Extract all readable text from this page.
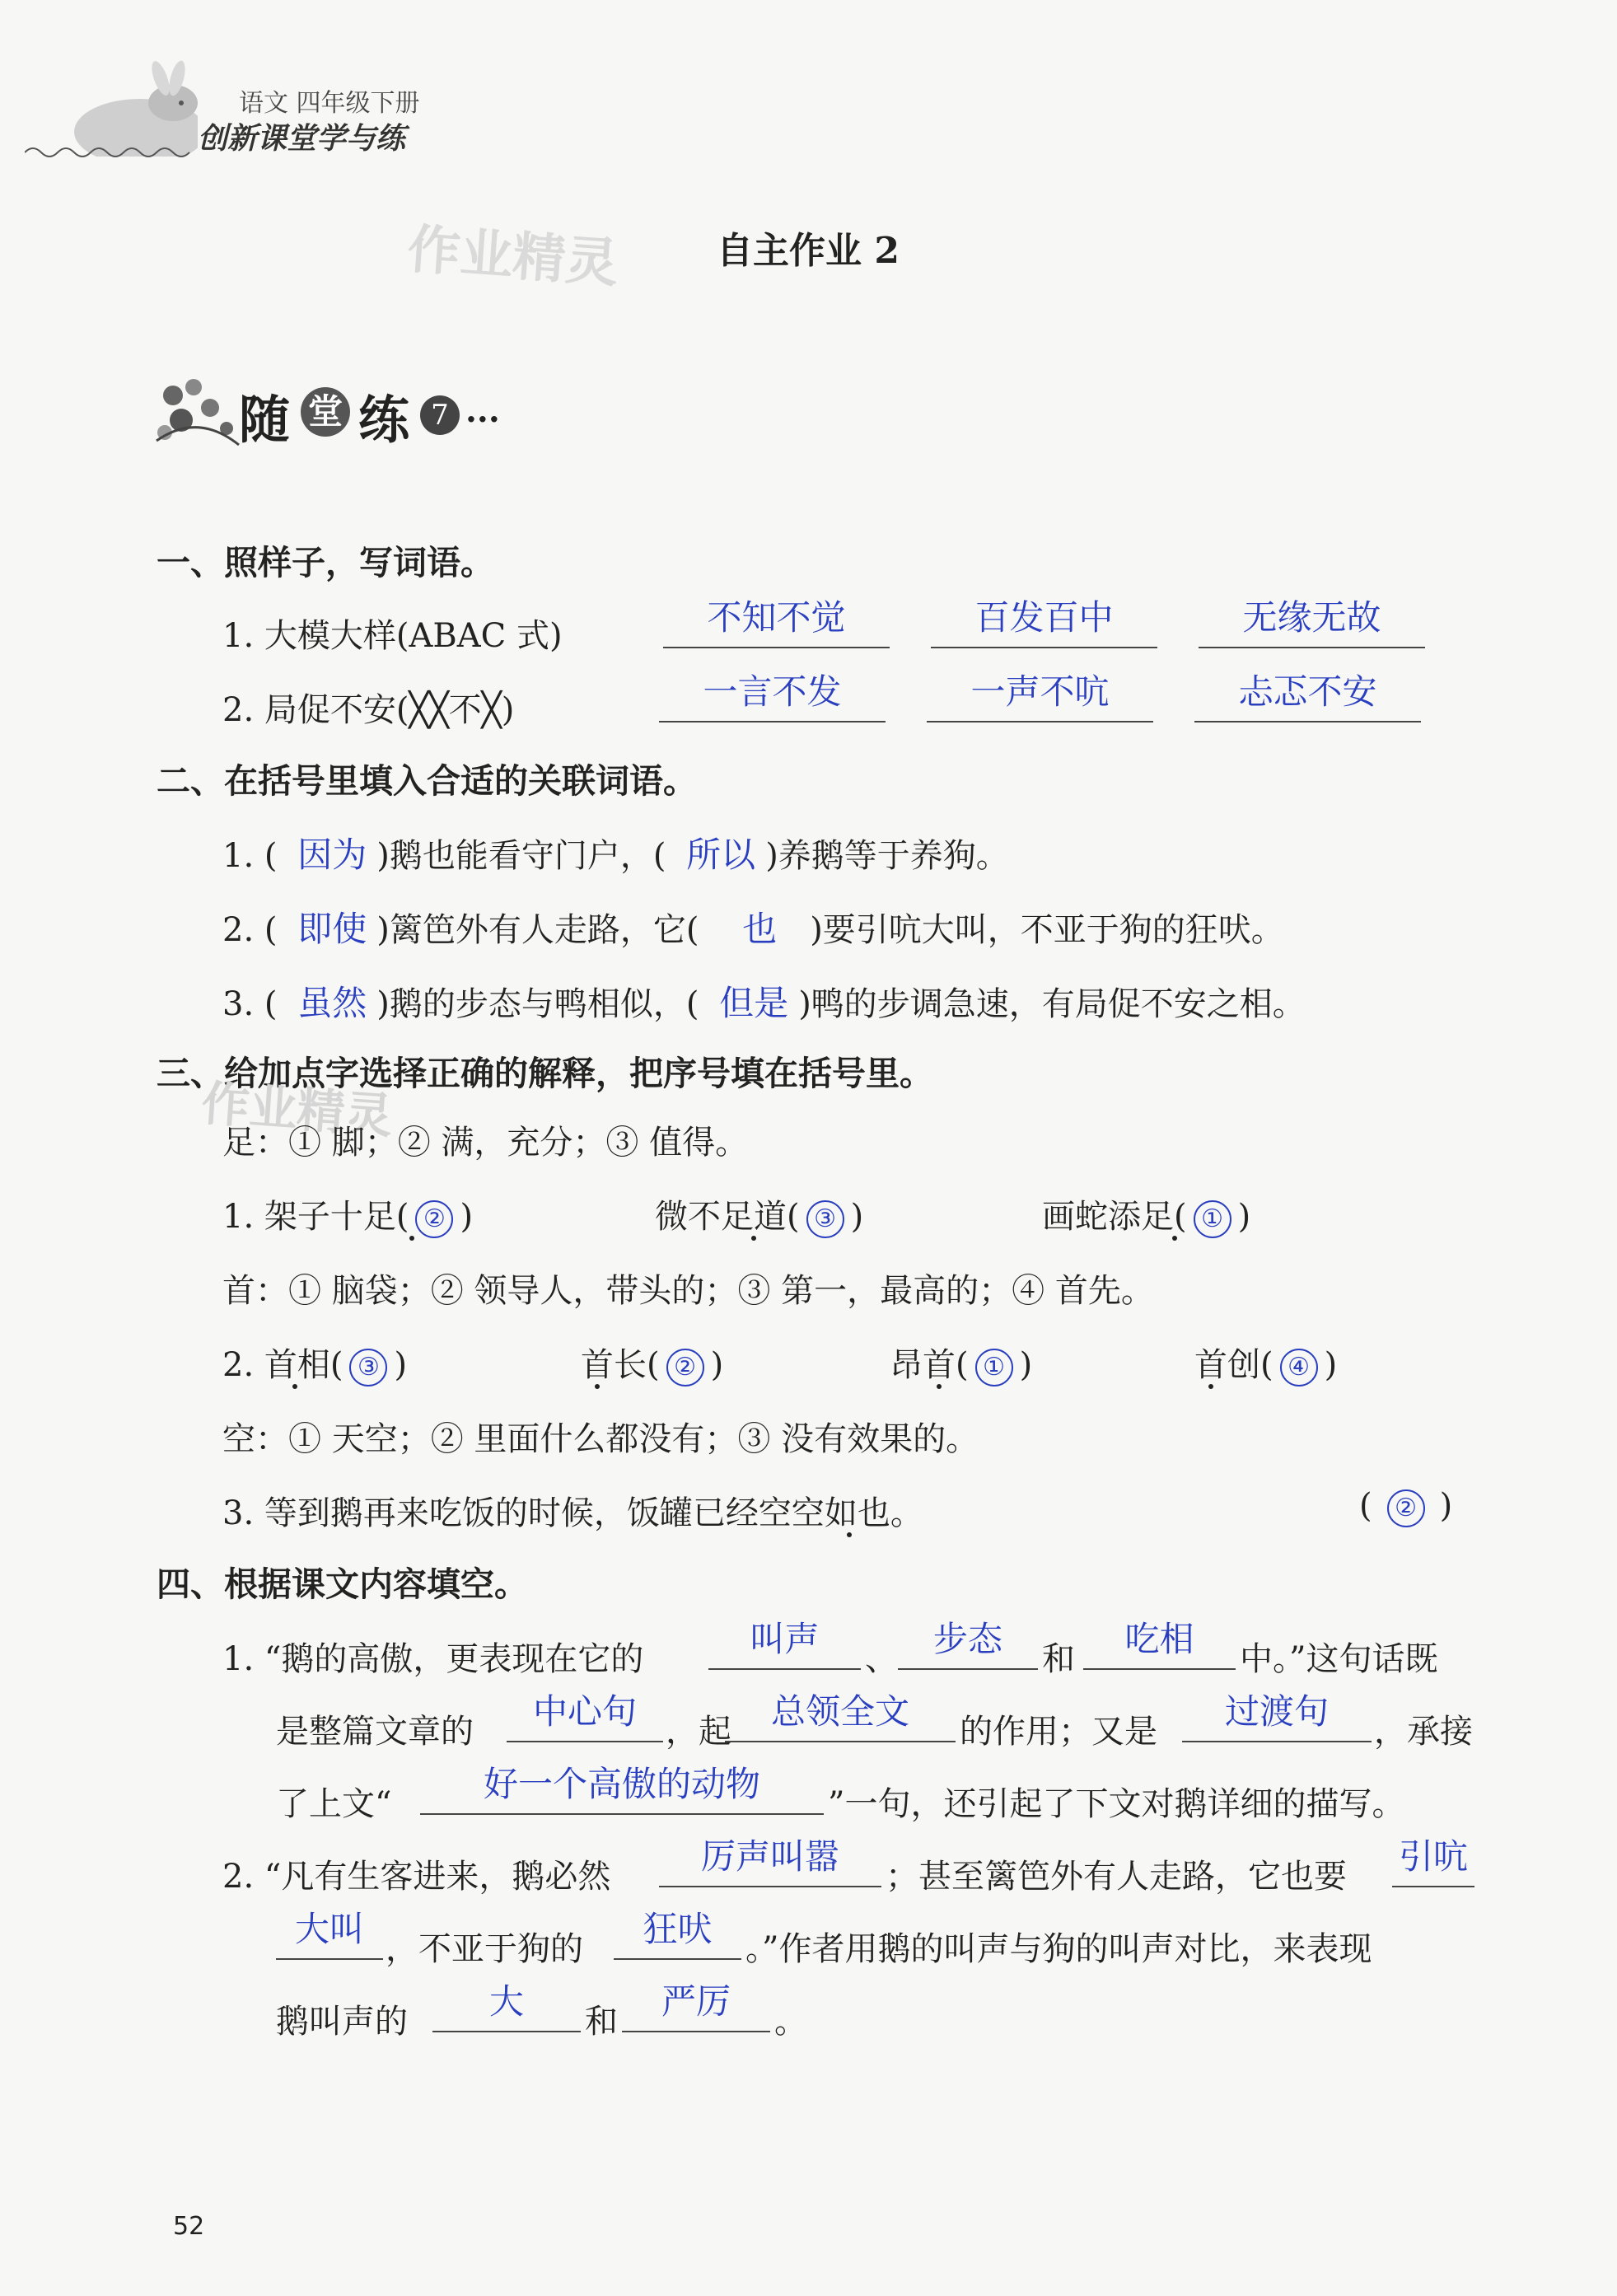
语文 四年级下册
创新课堂学与练
作业精灵	自主作业 2
随 堂 练 7 ...
一、照样子，写词语。
1. 大模大样(ABAC 式)	不知不觉	百发百中	无缘无故
2. 局促不安(╳╳不╳)	一言不发	一声不吭	忐忑不安
二、在括号里填入合适的关联词语。
1. ( 因为 )鹅也能看守门户，( 所以 )养鹅等于养狗。
2. ( 即使 )篱笆外有人走路，它( 也 )要引吭大叫，不亚于狗的狂吠。
3. ( 虽然 )鹅的步态与鸭相似，( 但是 )鸭的步调急速，有局促不安之相。
三、给加点字选择正确的解释，把序号填在括号里。
作业精灵
足：① 脚；② 满，充分；③ 值得。
1. 架子十足( ② )	微不足道( ③ )	画蛇添足( ① )
首：① 脑袋；② 领导人，带头的；③ 第一，最高的；④ 首先。
2. 首相( ③ )	首长( ② )	昂首( ① )	首创( ④ )
空：① 天空；② 里面什么都没有；③ 没有效果的。
3. 等到鹅再来吃饭的时候，饭罐已经空空如也。	( ② )
四、根据课文内容填空。
1. “鹅的高傲，更表现在它的	叫声	、	步态	和	吃相	中。”这句话既
是整篇文章的	中心句 ，起	总领全文	的作用；又是	过渡句	，承接
了上文“	好一个高傲的动物	”一句，还引起了下文对鹅详细的描写。
2. “凡有生客进来，鹅必然	厉声叫嚣	；甚至篱笆外有人走路，它也要 引吭
大叫 ，不亚于狗的	狂吠	。”作者用鹅的叫声与狗的叫声对比，来表现
鹅叫声的	大	和	严厉	。
52
